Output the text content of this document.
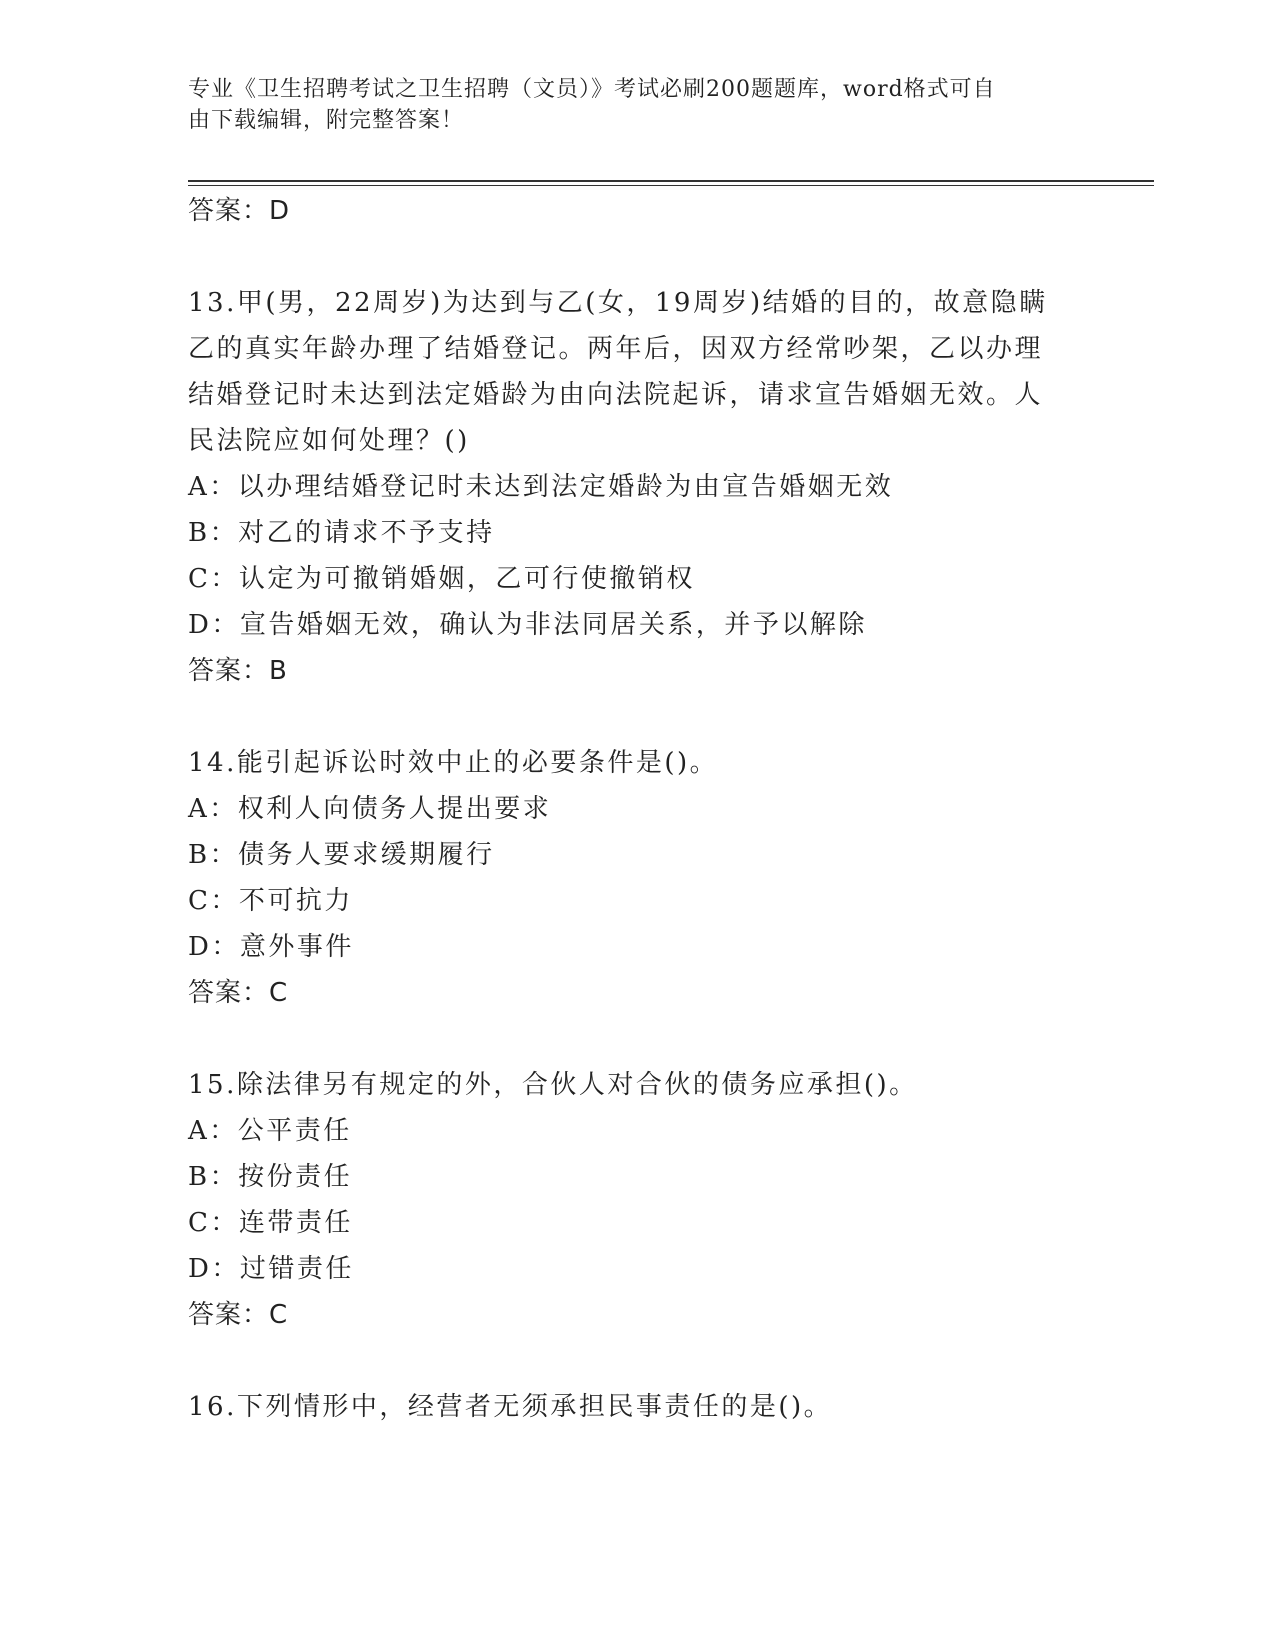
专业《卫生招聘考试之卫生招聘（文员）》考试必刷200题题库，word格式可自
由下载编辑，附完整答案！
答案：D
13.甲(男，22周岁)为达到与乙(女，19周岁)结婚的目的，故意隐瞒
乙的真实年龄办理了结婚登记。两年后，因双方经常吵架，乙以办理
结婚登记时未达到法定婚龄为由向法院起诉，请求宣告婚姻无效。人
民法院应如何处理？()
A：以办理结婚登记时未达到法定婚龄为由宣告婚姻无效
B：对乙的请求不予支持
C：认定为可撤销婚姻，乙可行使撤销权
D：宣告婚姻无效，确认为非法同居关系，并予以解除
答案：B
14.能引起诉讼时效中止的必要条件是()。
A：权利人向债务人提出要求
B：债务人要求缓期履行
C：不可抗力
D：意外事件
答案：C
15.除法律另有规定的外，合伙人对合伙的债务应承担()。
A：公平责任
B：按份责任
C：连带责任
D：过错责任
答案：C
16.下列情形中，经营者无须承担民事责任的是()。
